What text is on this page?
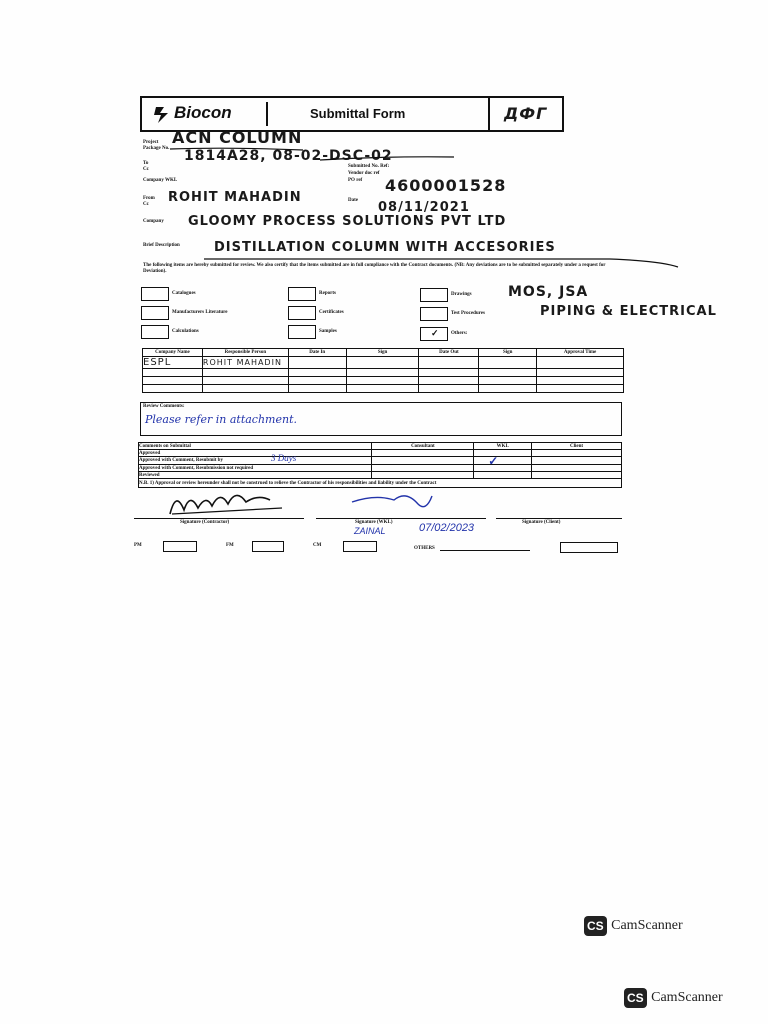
Biocon	Submittal Form	ДФГ
Project
Package No.
ACN COLUMN
To
Cc
1814A28, 08-02-DSC-02
Company WKL
Submitted No. Ref:
Vendor doc ref
PO ref 4600001528
From
Cc ROHIT MAHADIN	Date 08/11/2021
Company GLOOMY PROCESS SOLUTIONS PVT LTD
Brief Description	DISTILLATION COLUMN WITH ACCESORIES
The following items are hereby submitted for review. We also certify that the items submitted are in full compliance with the Contract documents. (NB: Any deviations are to be submitted separately under a request for Deviation).
Catalogues	Reports	Drawings
Manufacturers Literature	Certificates	Test Procedures
Calculations	Samples	✓ Others:
MOS, JSA
PIPING & ELECTRICAL
Company Name	Responsible Person	Date In	Sign	Date Out	Sign	Approval Time
ESPL	ROHIT MAHADIN					

Review Comments:
Please refer in attachment.
Comments on Submittal	Consultant	WKL	Client
Approved			
Approved with Comment, Resubmit by 3 Days		✓	

Approved with Comment, Resubmission not required			
Reviewed			
N.B. 1) Approval or review hereunder shall not be construed to relieve the Contractor of his responsibilities and liability under the Contract			
Signature (Contractor)	Signature (WKL)	Signature (Client)
ZAINAL	07/02/2023
PM	FM	CM
OTHERS
CS CamScanner
CS CamScanner
